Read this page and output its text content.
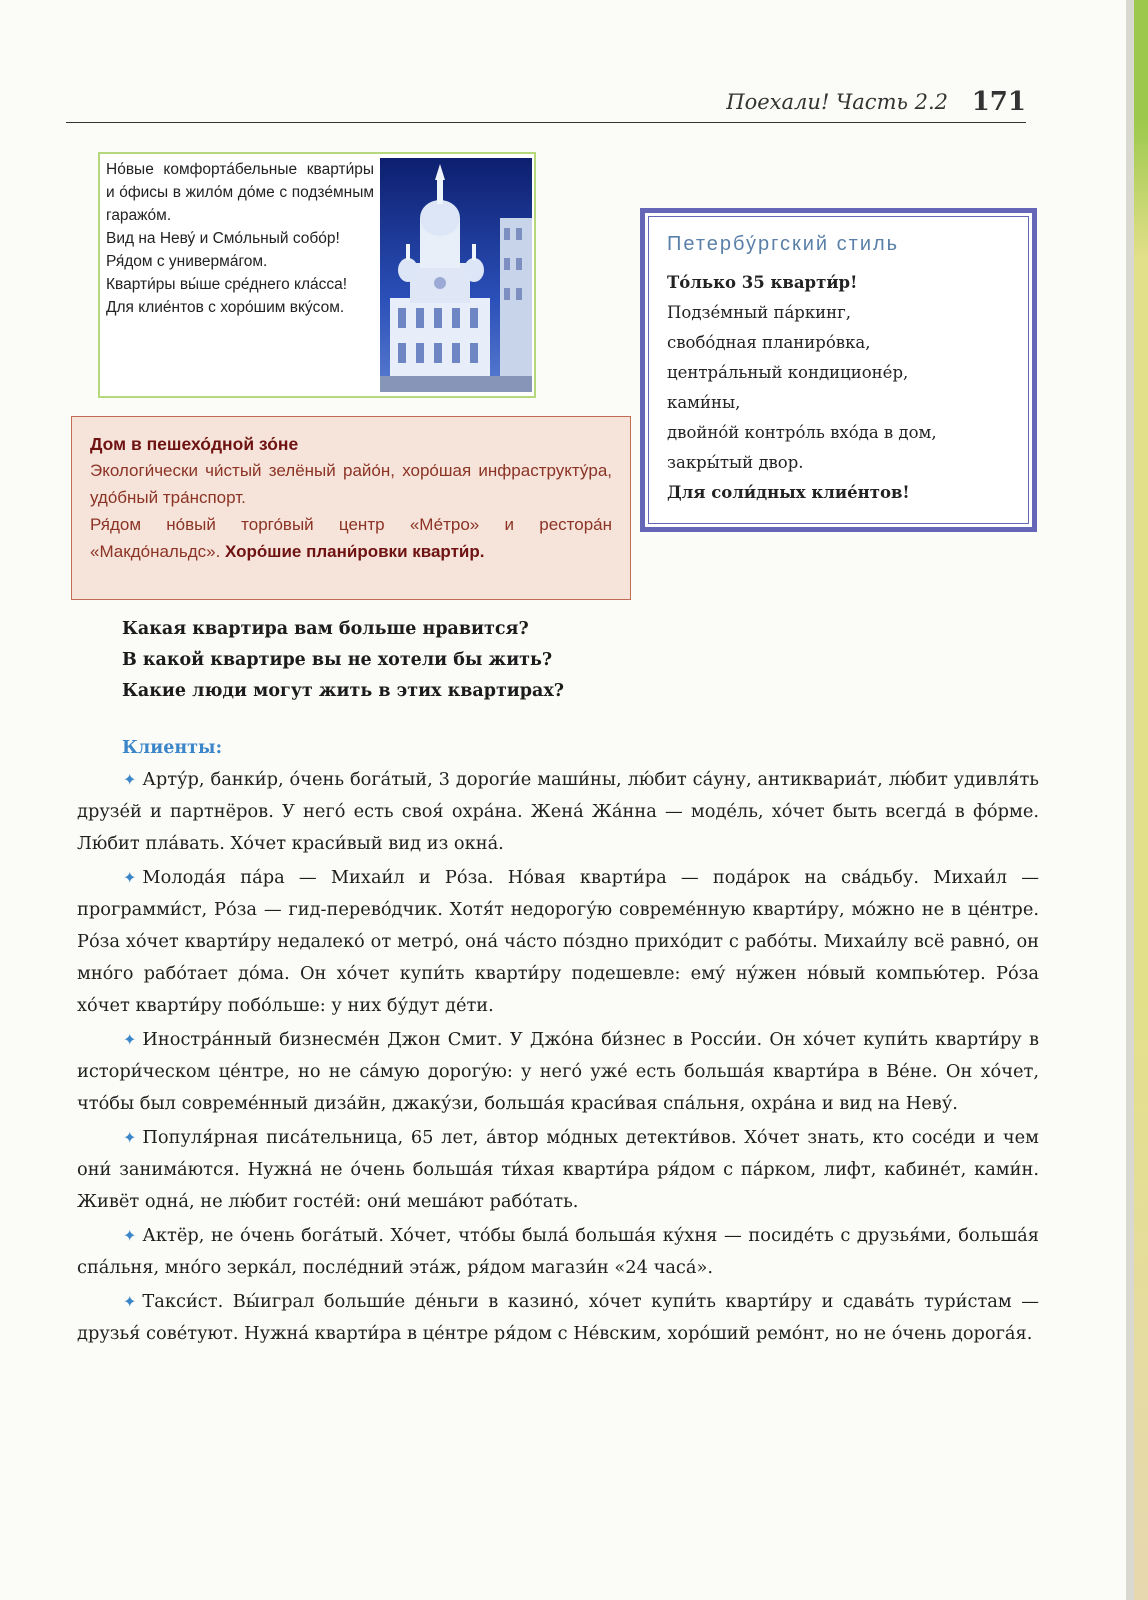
Поехали! Часть 2.2 171

Но́вые комфорта́бельные кварти́ры и о́фисы в жило́м до́ме с подзе́мным гаражо́м.

Вид на Неву́ и Смо́льный собо́р!

Ря́дом с универма́гом.

Кварти́ры вы́ше сре́днего кла́сса!

Для клие́нтов с хоро́шим вку́сом.

Дом в пешехо́дной зо́не

Экологи́чески чи́стый зелёный райо́н, хоро́шая инфраструкту́ра, удо́бный тра́нспорт.

Ря́дом но́вый торго́вый центр «Ме́тро» и рестора́н «Макдо́нальдс». Хоро́шие плани́ровки кварти́р.

Петербу́ргский стиль

То́лько 35 кварти́р!
Подзе́мный па́ркинг,
свобо́дная планиро́вка,
центра́льный кондиционе́р,
ками́ны,
двойно́й контро́ль вхо́да в дом,
закры́тый двор.
Для соли́дных клие́нтов!
Какая квартира вам больше нравится?
В какой квартире вы не хотели бы жить?
Какие люди могут жить в этих квартирах?

Клиенты:

✦ Арту́р, банки́р, о́чень бога́тый, 3 дороги́е маши́ны, лю́бит са́уну, антиквариа́т, лю́бит удивля́ть друзе́й и партнёров. У него́ есть своя́ охра́на. Жена́ Жа́нна — моде́ль, хо́чет быть всегда́ в фо́рме. Лю́бит пла́вать. Хо́чет краси́вый вид из окна́.
✦ Молода́я па́ра — Михаи́л и Ро́за. Но́вая кварти́ра — пода́рок на сва́дьбу. Михаи́л — программи́ст, Ро́за — гид-перево́дчик. Хотя́т недорогу́ю совреме́нную кварти́ру, мо́жно не в це́нтре. Ро́за хо́чет кварти́ру недалеко́ от метро́, она́ ча́сто по́здно прихо́дит с рабо́ты. Михаи́лу всё равно́, он мно́го рабо́тает до́ма. Он хо́чет купи́ть кварти́ру подешевле: ему́ ну́жен но́вый компью́тер. Ро́за хо́чет кварти́ру побо́льше: у них бу́дут де́ти.
✦ Иностра́нный бизнесме́н Джон Смит. У Джо́на би́знес в Росси́и. Он хо́чет купи́ть кварти́ру в истори́ческом це́нтре, но не са́мую дорогу́ю: у него́ уже́ есть больша́я кварти́ра в Ве́не. Он хо́чет, что́бы был совреме́нный диза́йн, джаку́зи, больша́я краси́вая спа́льня, охра́на и вид на Неву́.
✦ Популя́рная писа́тельница, 65 лет, а́втор мо́дных детекти́вов. Хо́чет знать, кто сосе́ди и чем они́ занима́ются. Нужна́ не о́чень больша́я ти́хая кварти́ра ря́дом с па́рком, лифт, кабине́т, ками́н. Живёт одна́, не лю́бит госте́й: они́ меша́ют рабо́тать.
✦ Актёр, не о́чень бога́тый. Хо́чет, что́бы была́ больша́я ку́хня — посиде́ть с друзья́ми, больша́я спа́льня, мно́го зерка́л, после́дний эта́ж, ря́дом магази́н «24 часа́».
✦ Такси́ст. Вы́играл больши́е де́ньги в казино́, хо́чет купи́ть кварти́ру и сдава́ть тури́стам — друзья́ сове́туют. Нужна́ кварти́ра в це́нтре ря́дом с Не́вским, хоро́ший ремо́нт, но не о́чень дорога́я.
